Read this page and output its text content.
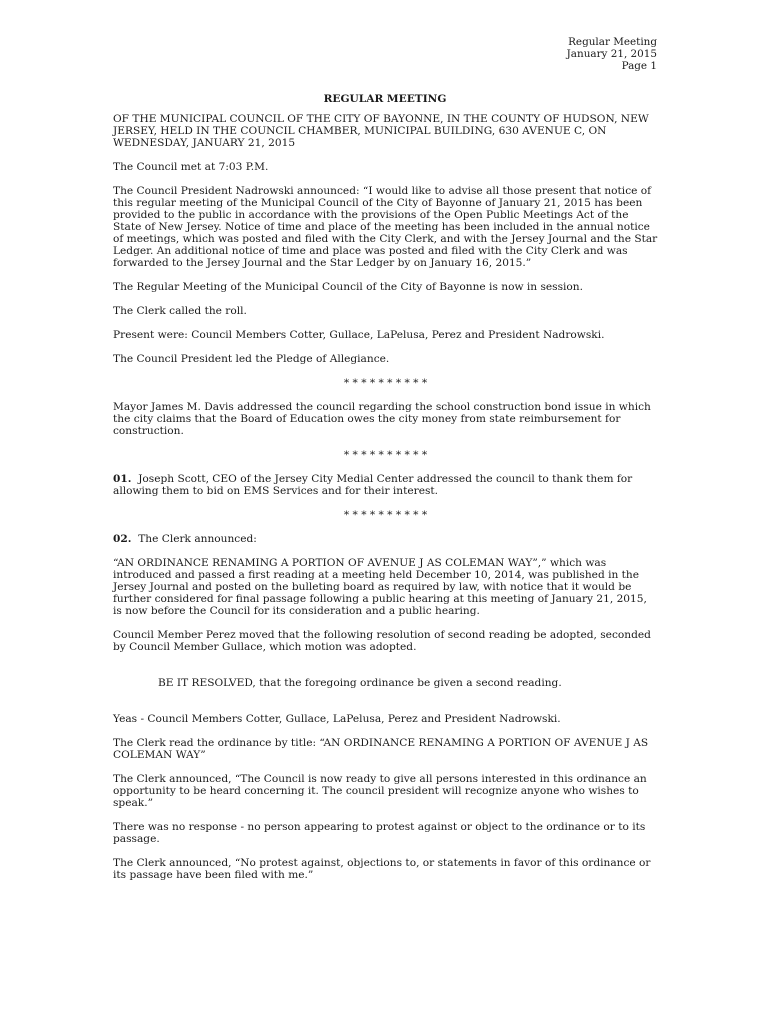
Regular Meeting
January 21, 2015
Page 1
REGULAR MEETING

OF THE MUNICIPAL COUNCIL OF THE CITY OF BAYONNE, IN THE COUNTY OF HUDSON, NEW JERSEY, HELD IN THE COUNCIL CHAMBER, MUNICIPAL BUILDING, 630 AVENUE C, ON WEDNESDAY, JANUARY 21, 2015

The Council met at 7:03 P.M.

The Council President Nadrowski announced: “I would like to advise all those present that notice of this regular meeting of the Municipal Council of the City of Bayonne of January 21, 2015 has been provided to the public in accordance with the provisions of the Open Public Meetings Act of the State of New Jersey. Notice of time and place of the meeting has been included in the annual notice of meetings, which was posted and filed with the City Clerk, and with the Jersey Journal and the Star Ledger. An additional notice of time and place was posted and filed with the City Clerk and was forwarded to the Jersey Journal and the Star Ledger by on January 16, 2015.”

The Regular Meeting of the Municipal Council of the City of Bayonne is now in session.

The Clerk called the roll.

Present were: Council Members Cotter, Gullace, LaPelusa, Perez and President Nadrowski.

The Council President led the Pledge of Allegiance.

* * * * * * * * * *

Mayor James M. Davis addressed the council regarding the school construction bond issue in which the city claims that the Board of Education owes the city money from state reimbursement for construction.

* * * * * * * * * *

01. Joseph Scott, CEO of the Jersey City Medial Center addressed the council to thank them for allowing them to bid on EMS Services and for their interest.

* * * * * * * * * *

02. The Clerk announced:

“AN ORDINANCE RENAMING A PORTION OF AVENUE J AS COLEMAN WAY”,” which was introduced and passed a first reading at a meeting held December 10, 2014, was published in the Jersey Journal and posted on the bulleting board as required by law, with notice that it would be further considered for final passage following a public hearing at this meeting of January 21, 2015, is now before the Council for its consideration and a public hearing.

Council Member Perez moved that the following resolution of second reading be adopted, seconded by Council Member Gullace, which motion was adopted.

BE IT RESOLVED, that the foregoing ordinance be given a second reading.

Yeas - Council Members Cotter, Gullace, LaPelusa, Perez and President Nadrowski.

The Clerk read the ordinance by title: “AN ORDINANCE RENAMING A PORTION OF AVENUE J AS COLEMAN WAY”

The Clerk announced, “The Council is now ready to give all persons interested in this ordinance an opportunity to be heard concerning it. The council president will recognize anyone who wishes to speak.”

There was no response - no person appearing to protest against or object to the ordinance or to its passage.

The Clerk announced, “No protest against, objections to, or statements in favor of this ordinance or its passage have been filed with me.”
